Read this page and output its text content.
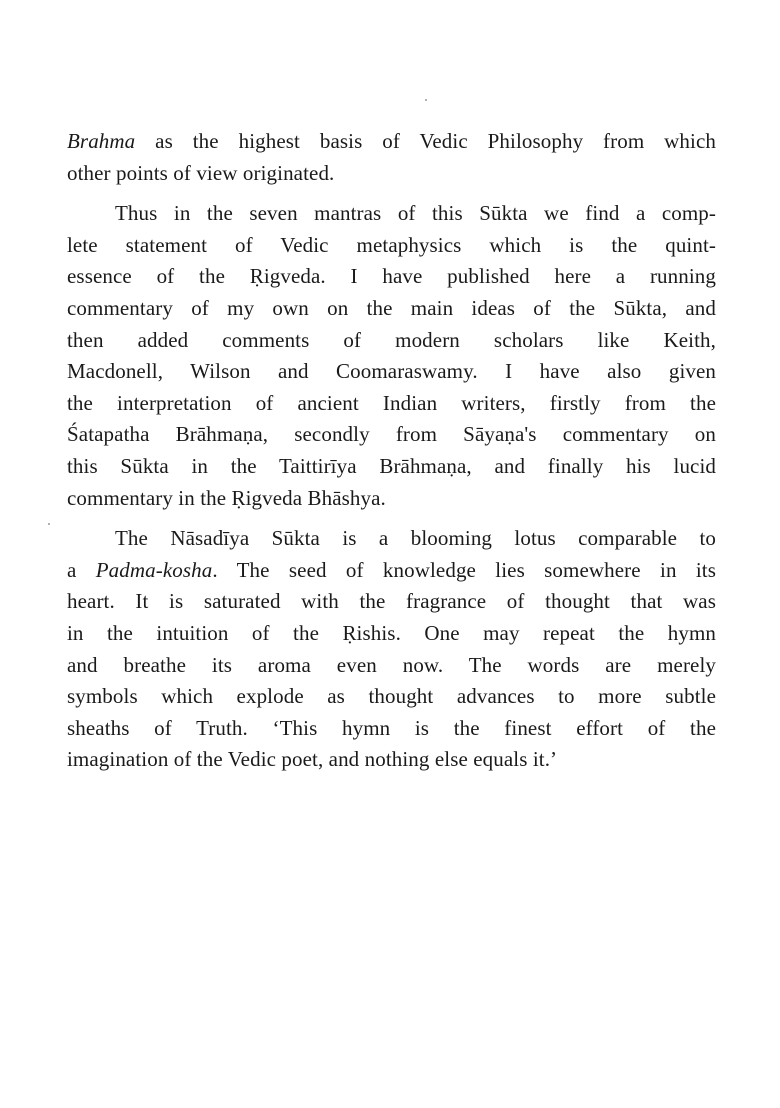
Brahma as the highest basis of Vedic Philosophy from which
other points of view originated.

Thus in the seven mantras of this Sūkta we find a comp-
lete statement of Vedic metaphysics which is the quint-
essence of the Ṛigveda. I have published here a running
commentary of my own on the main ideas of the Sūkta, and
then added comments of modern scholars like Keith,
Macdonell, Wilson and Coomaraswamy. I have also given
the interpretation of ancient Indian writers, firstly from the
Śatapatha Brāhmaṇa, secondly from Sāyaṇa's commentary on
this Sūkta in the Taittirīya Brāhmaṇa, and finally his lucid
commentary in the Ṛigveda Bhāshya.

The Nāsadīya Sūkta is a blooming lotus comparable to
a Padma-kosha. The seed of knowledge lies somewhere in its
heart. It is saturated with the fragrance of thought that was
in the intuition of the Ṛishis. One may repeat the hymn
and breathe its aroma even now. The words are merely
symbols which explode as thought advances to more subtle
sheaths of Truth. ‘This hymn is the finest effort of the
imagination of the Vedic poet, and nothing else equals it.’
